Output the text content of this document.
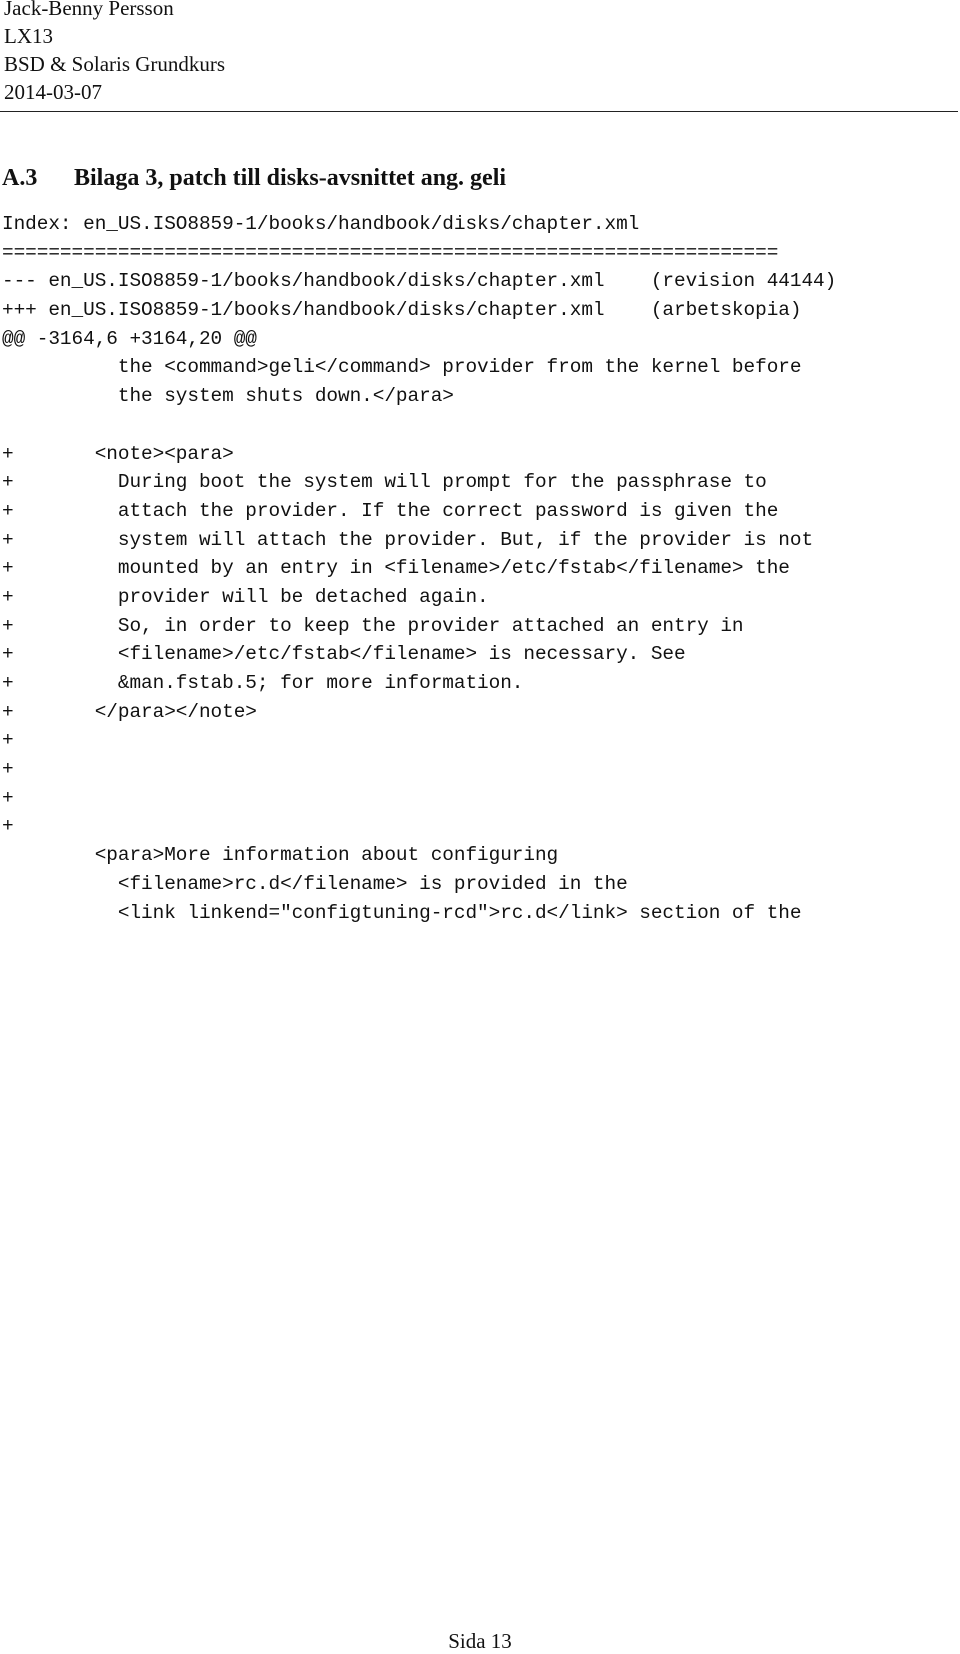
Jack-Benny Persson
LX13
BSD & Solaris Grundkurs
2014-03-07
A.3 Bilaga 3, patch till disks-avsnittet ang. geli
Index: en_US.ISO8859-1/books/handbook/disks/chapter.xml
===================================================================
--- en_US.ISO8859-1/books/handbook/disks/chapter.xml    (revision 44144)
+++ en_US.ISO8859-1/books/handbook/disks/chapter.xml    (arbetskopia)
@@ -3164,6 +3164,20 @@
the <command>geli</command> provider from the kernel before
the system shuts down.</para>
+       <note><para>
+         During boot the system will prompt for the passphrase to
+         attach the provider. If the correct password is given the
+         system will attach the provider. But, if the provider is not
+         mounted by an entry in <filename>/etc/fstab</filename> the
+         provider will be detached again.
+         So, in order to keep the provider attached an entry in
+         <filename>/etc/fstab</filename> is necessary. See
+         &man.fstab.5; for more information.
+       </para></note>
+
+
+
+
<para>More information about configuring
<filename>rc.d</filename> is provided in the
<link linkend="configtuning-rcd">rc.d</link> section of the
Sida 13
